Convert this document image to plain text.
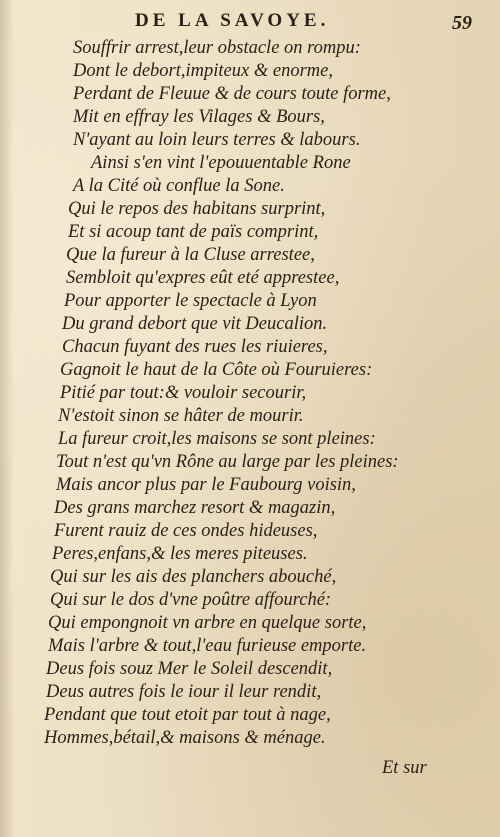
DE LA SAVOYE.	59
Souffrir arrest,leur obstacle on rompu:
Dont le debort,impiteux & enorme,
Perdant de Fleuue & de cours toute forme,
Mit en effray les Vilages & Bours,
N'ayant au loin leurs terres & labours.
Ainsi s'en vint l'epouuentable Rone
A la Cité où conflue la Sone.
Qui le repos des habitans surprint,
Et si acoup tant de païs comprint,
Que la fureur à la Cluse arrestee,
Sembloit qu'expres eût eté apprestee,
Pour apporter le spectacle à Lyon
Du grand debort que vit Deucalion.
Chacun fuyant des rues les riuieres,
Gagnoit le haut de la Côte où Fouruieres:
Pitié par tout:& vouloir secourir,
N'estoit sinon se hâter de mourir.
La fureur croit,les maisons se sont pleines:
Tout n'est qu'vn Rône au large par les pleines:
Mais ancor plus par le Faubourg voisin,
Des grans marchez resort & magazin,
Furent rauiz de ces ondes hideuses,
Peres,enfans,& les meres piteuses.
Qui sur les ais des planchers abouché,
Qui sur le dos d'vne poûtre affourché:
Qui empongnoit vn arbre en quelque sorte,
Mais l'arbre & tout,l'eau furieuse emporte.
Deus fois souz Mer le Soleil descendit,
Deus autres fois le iour il leur rendit,
Pendant que tout etoit par tout à nage,
Hommes,bétail,& maisons & ménage.
Et sur
